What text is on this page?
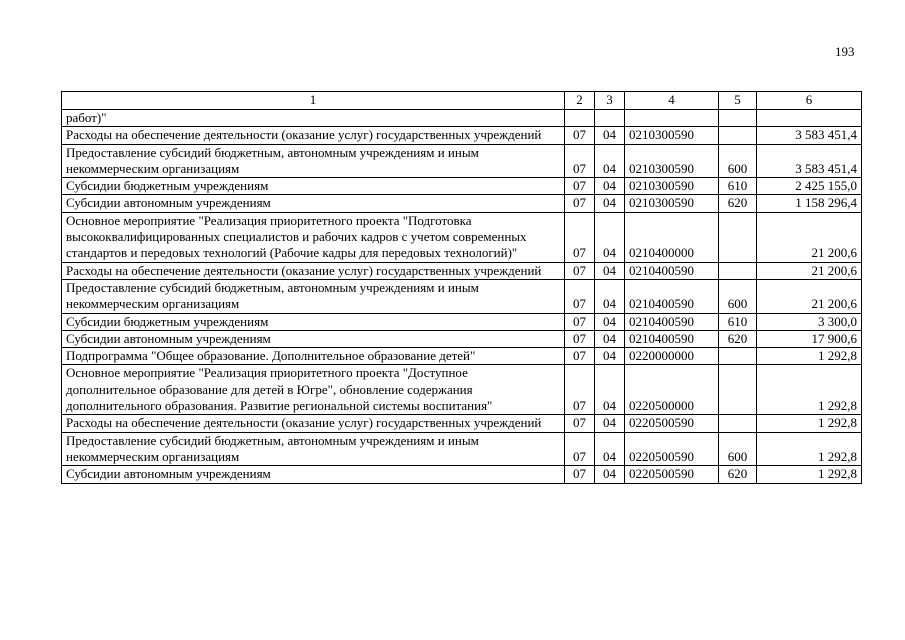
193
1	2	3	4	5	6
работ)"					
Расходы на обеспечение деятельности (оказание услуг) государственных учреждений	07	04	0210300590		3 583 451,4
Предоставление субсидий бюджетным, автономным учреждениям и иным некоммерческим организациям	07	04	0210300590	600	3 583 451,4
Субсидии бюджетным учреждениям	07	04	0210300590	610	2 425 155,0
Субсидии автономным учреждениям	07	04	0210300590	620	1 158 296,4
Основное мероприятие "Реализация приоритетного проекта "Подготовка высококвалифицированных специалистов и рабочих кадров с учетом современных стандартов и передовых технологий (Рабочие кадры для передовых технологий)"	07	04	0210400000		21 200,6
Расходы на обеспечение деятельности (оказание услуг) государственных учреждений	07	04	0210400590		21 200,6
Предоставление субсидий бюджетным, автономным учреждениям и иным некоммерческим организациям	07	04	0210400590	600	21 200,6
Субсидии бюджетным учреждениям	07	04	0210400590	610	3 300,0
Субсидии автономным учреждениям	07	04	0210400590	620	17 900,6
Подпрограмма "Общее образование. Дополнительное образование детей"	07	04	0220000000		1 292,8
Основное мероприятие "Реализация приоритетного проекта "Доступное дополнительное образование для детей в Югре", обновление содержания дополнительного образования. Развитие региональной системы воспитания"	07	04	0220500000		1 292,8
Расходы на обеспечение деятельности (оказание услуг) государственных учреждений	07	04	0220500590		1 292,8
Предоставление субсидий бюджетным, автономным учреждениям и иным некоммерческим организациям	07	04	0220500590	600	1 292,8
Субсидии автономным учреждениям	07	04	0220500590	620	1 292,8
